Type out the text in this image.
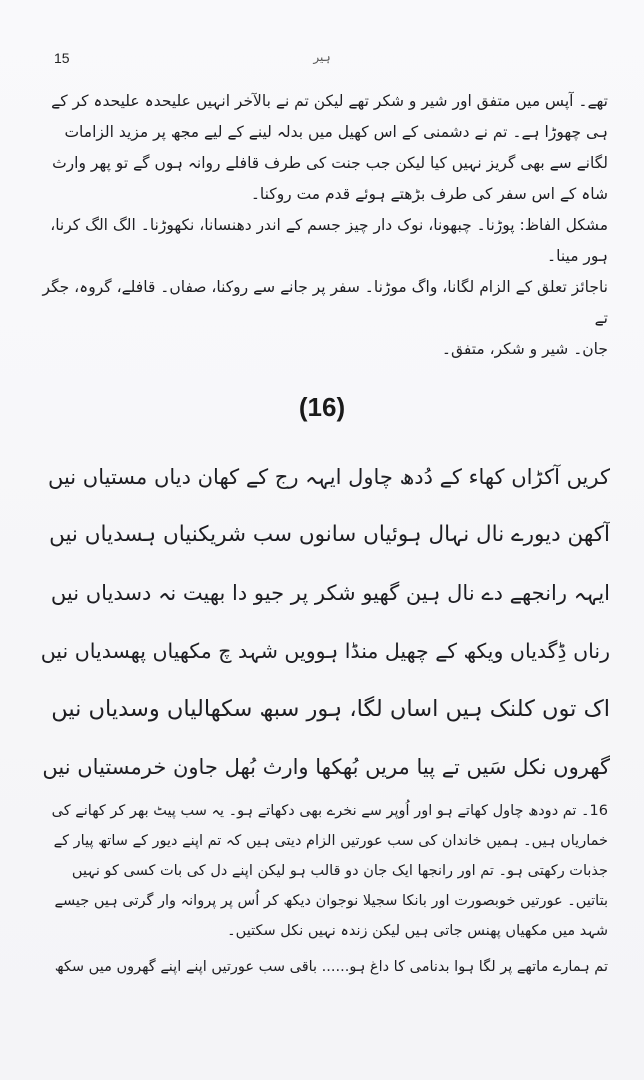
15	ہیر

تھے۔ آپس میں متفق اور شیر و شکر تھے لیکن تم نے بالآخر انہیں علیحدہ علیحدہ کر کے ہی چھوڑا ہے۔ تم نے دشمنی کے اس کھیل میں بدلہ لینے کے لیے مجھ پر مزید الزامات لگانے سے بھی گریز نہیں کیا لیکن جب جنت کی طرف قافلے روانہ ہوں گے تو پھر وارث شاہ کے اس سفر کی طرف بڑھتے ہوئے قدم مت روکنا۔

مشکل الفاظ: پوڑنا۔ چبھونا، نوک دار چیز جسم کے اندر دھنسانا، نکھوڑنا۔ الگ الگ کرنا، ہور مینا۔

ناجائز تعلق کے الزام لگانا، واگ موڑنا۔ سفر پر جانے سے روکنا، صفاں۔ قافلے، گروہ، جگر تے

جان۔ شیر و شکر، متفق۔

(16)
کریں آکڑاں کھاء کے دُدھ چاول ایہہ رج کے کھان دیاں مستیاں نیں
آکھن دیورے نال نہال ہوئیاں سانوں سب شریکنیاں ہسدیاں نیں
ایہہ رانجھے دے نال ہین گھیو شکر پر جیو دا بھیت نہ دسدیاں نیں
رناں ڈِگدیاں ویکھ کے چھیل منڈا ہوویں شہد چ مکھیاں پھسدیاں نیں
اک توں کلنک ہیں اساں لگا، ہور سبھ سکھالیاں وسدیاں نیں
گھروں نکل سَیں تے پیا مریں بُھکھا وارث بُھل جاون خرمستیاں نیں

16۔ تم دودھ چاول کھاتے ہو اور اُوپر سے نخرے بھی دکھاتے ہو۔ یہ سب پیٹ بھر کر کھانے کی خماریاں ہیں۔ ہمیں خاندان کی سب عورتیں الزام دیتی ہیں کہ تم اپنے دیور کے ساتھ پیار کے جذبات رکھتی ہو۔ تم اور رانجھا ایک جان دو قالب ہو لیکن اپنے دل کی بات کسی کو نہیں بتاتیں۔ عورتیں خوبصورت اور بانکا سجیلا نوجوان دیکھ کر اُس پر پروانہ وار گرتی ہیں جیسے شہد میں مکھیاں پھنس جاتی ہیں لیکن زندہ نہیں نکل سکتیں۔

تم ہمارے ماتھے پر لگا ہوا بدنامی کا داغ ہو...... باقی سب عورتیں اپنے اپنے گھروں میں سکھ
